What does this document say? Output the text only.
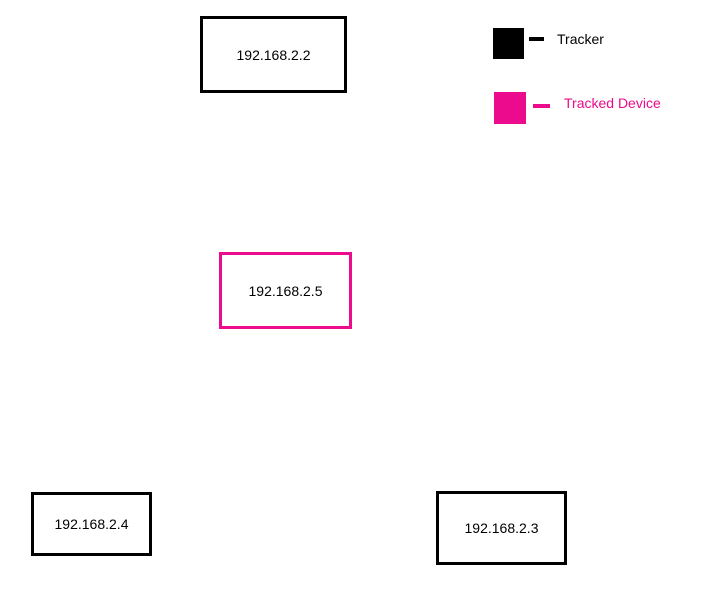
192.168.2.2
192.168.2.5
192.168.2.4	192.168.2.3
Tracker
Tracked Device
